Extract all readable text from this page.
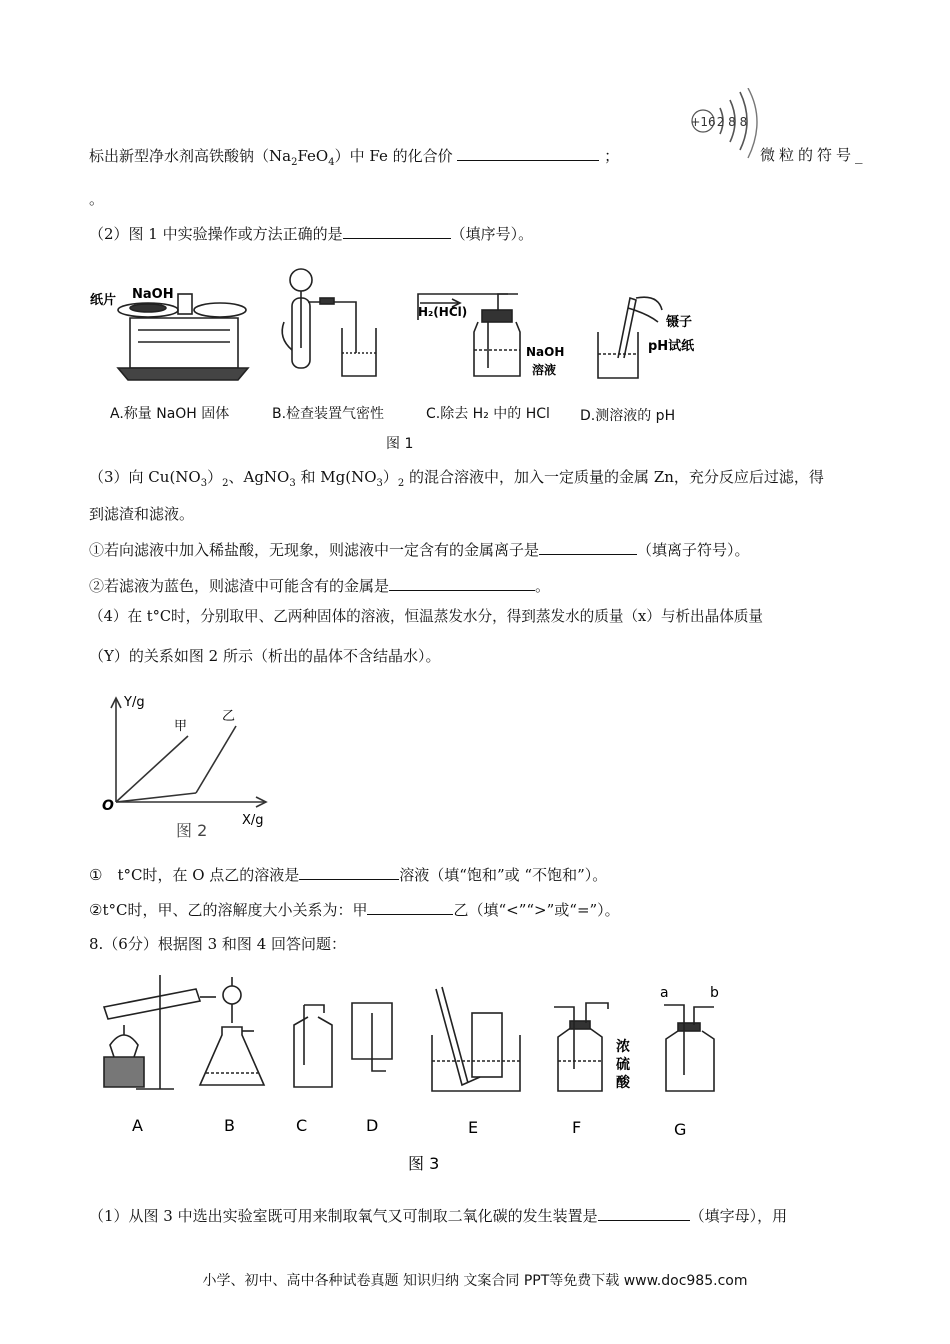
+16 2 8 8
标出新型净水剂高铁酸钠$(Na_2FeO_4)$中 Fe 的化合价	；	微粒的符号_
。
（2）图 1 中实验操作或方法正确的是	（填序号）。
纸片 NaOH
H₂(HCl)
NaOH
溶液
镊子
pH试纸
A.称量 NaOH 固体	B.检查装置气密性	C.除去 H₂ 中的 HCl D.测溶液的 pH
图 1
（3）向 $Cu(NO_3)_2$、AgNO$_3$ 和 $Mg(NO_3)_2$ 的混合溶液中，加入一定质量的金属 Zn，充分反应后过滤，得
到滤渣和滤液。
①若向滤液中加入稀盐酸，无现象，则滤液中一定含有的金属离子是	（填离子符号）。
②若滤液为蓝色，则滤渣中可能含有的金属是	。
（4）在 t°C时，分别取甲、乙两种固体的溶液，恒温蒸发水分，得到蒸发水的质量（x）与析出晶体质量
（Y）的关系如图 2 所示（析出的晶体不含结晶水）。
Y/g
X/g
O
甲
乙
图 2
①　t°C时，在 O 点乙的溶液是	溶液（填“饱和”或 “不饱和”）。
②t°C时，甲、乙的溶解度大小关系为：甲	乙（填“<”“>”或“=”）。
8.（6分）根据图 3 和图 4 回答问题：
A	B	C	D	E	F	G
浓
硫
酸
a	b
图 3
（1）从图 3 中选出实验室既可用来制取氧气又可制取二氧化碳的发生装置是	（填字母），用
小学、初中、高中各种试卷真题 知识归纳 文案合同 PPT等免费下载 www.doc985.com
